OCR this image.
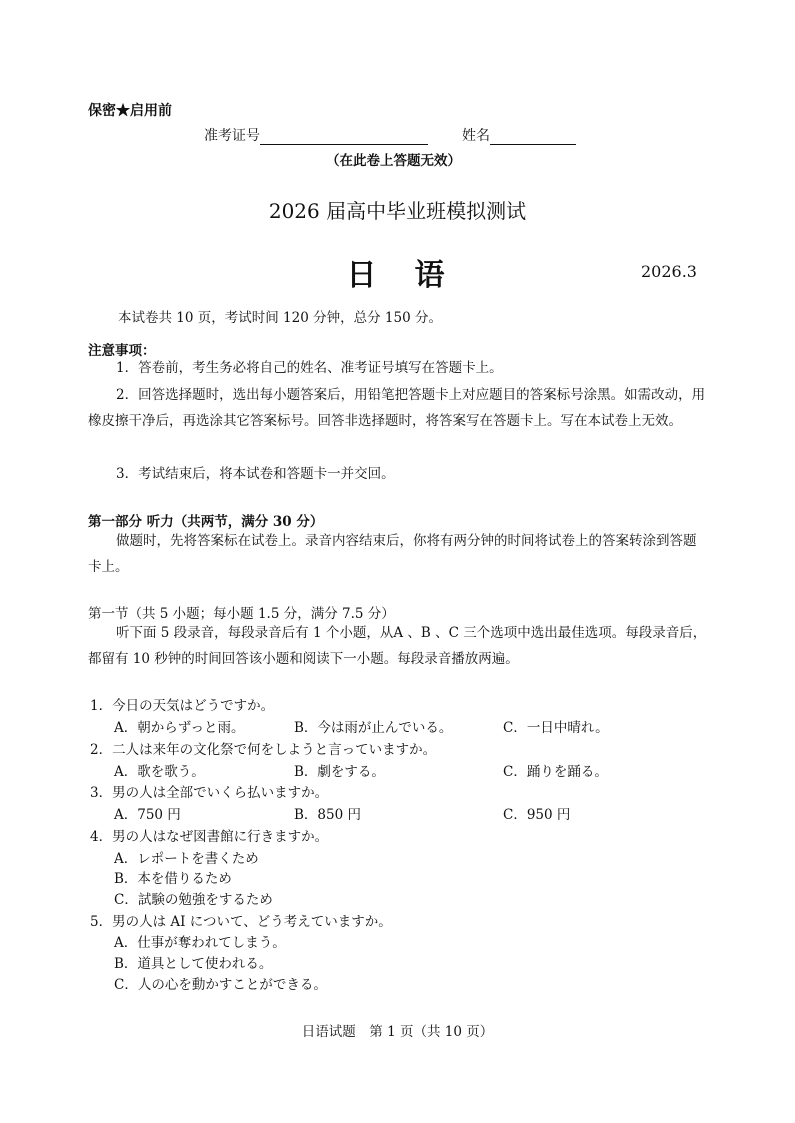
保密★启用前
准考证号	姓名
（在此卷上答题无效）
2026 届高中毕业班模拟测试
日　语	2026.3
本试卷共 10 页，考试时间 120 分钟，总分 150 分。
注意事项：
1．答卷前，考生务必将自己的姓名、准考证号填写在答题卡上。
2．回答选择题时，选出每小题答案后，用铅笔把答题卡上对应题目的答案标号涂黑。如需改动，用橡皮擦干净后，再选涂其它答案标号。回答非选择题时，将答案写在答题卡上。写在本试卷上无效。
3．考试结束后，将本试卷和答题卡一并交回。
第一部分 听力（共两节，满分 30 分）
做题时，先将答案标在试卷上。录音内容结束后，你将有两分钟的时间将试卷上的答案转涂到答题卡上。
第一节（共 5 小题；每小题 1.5 分，满分 7.5 分）
听下面 5 段录音，每段录音后有 1 个小题，从A 、B 、C 三个选项中选出最佳选项。每段录音后，都留有 10 秒钟的时间回答该小题和阅读下一小题。每段录音播放两遍。
1．今日の天気はどうですか。
A．朝からずっと雨。	B．今は雨が止んでいる。	C．一日中晴れ。
2．二人は来年の文化祭で何をしようと言っていますか。
A．歌を歌う。	B．劇をする。	C．踊りを踊る。
3．男の人は全部でいくら払いますか。
A．750 円	B．850 円	C．950 円
4．男の人はなぜ図書館に行きますか。
A．レポートを書くため
B．本を借りるため
C．試験の勉強をするため
5．男の人は AI について、どう考えていますか。
A．仕事が奪われてしまう。
B．道具として使われる。
C．人の心を動かすことができる。
日语试题　第 1 页（共 10 页）
